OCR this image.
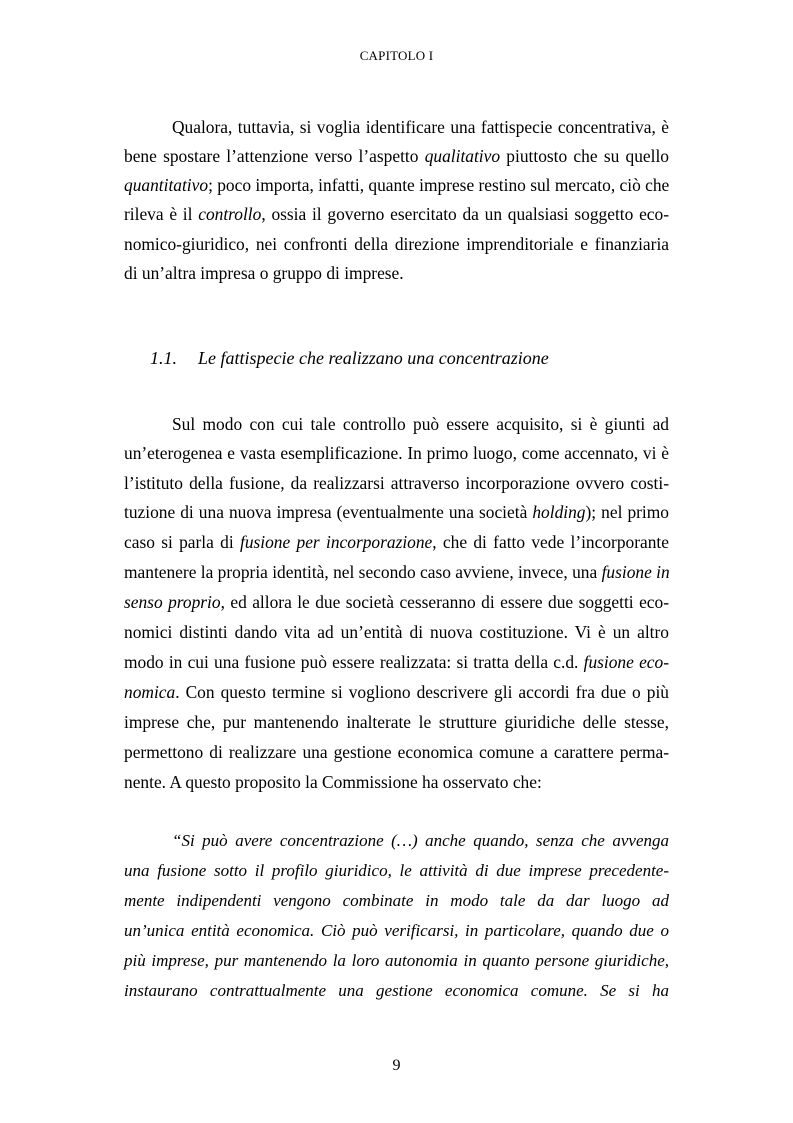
CAPITOLO I
Qualora, tuttavia, si voglia identificare una fattispecie concentrativa, è
bene spostare l’attenzione verso l’aspetto qualitativo piuttosto che su quello
quantitativo; poco importa, infatti, quante imprese restino sul mercato, ciò che
rileva è il controllo, ossia il governo esercitato da un qualsiasi soggetto eco-
nomico-giuridico, nei confronti della direzione imprenditoriale e finanziaria
di un’altra impresa o gruppo di imprese.
1.1. Le fattispecie che realizzano una concentrazione
Sul modo con cui tale controllo può essere acquisito, si è giunti ad
un’eterogenea e vasta esemplificazione. In primo luogo, come accennato, vi è
l’istituto della fusione, da realizzarsi attraverso incorporazione ovvero costi-
tuzione di una nuova impresa (eventualmente una società holding); nel primo
caso si parla di fusione per incorporazione, che di fatto vede l’incorporante
mantenere la propria identità, nel secondo caso avviene, invece, una fusione in
senso proprio, ed allora le due società cesseranno di essere due soggetti eco-
nomici distinti dando vita ad un’entità di nuova costituzione. Vi è un altro
modo in cui una fusione può essere realizzata: si tratta della c.d. fusione eco-
nomica. Con questo termine si vogliono descrivere gli accordi fra due o più
imprese che, pur mantenendo inalterate le strutture giuridiche delle stesse,
permettono di realizzare una gestione economica comune a carattere perma-
nente. A questo proposito la Commissione ha osservato che:
“Si può avere concentrazione (…) anche quando, senza che avvenga
una fusione sotto il profilo giuridico, le attività di due imprese precedente-
mente indipendenti vengono combinate in modo tale da dar luogo ad
un’unica entità economica. Ciò può verificarsi, in particolare, quando due o
più imprese, pur mantenendo la loro autonomia in quanto persone giuridiche,
instaurano contrattualmente una gestione economica comune. Se si ha
9
